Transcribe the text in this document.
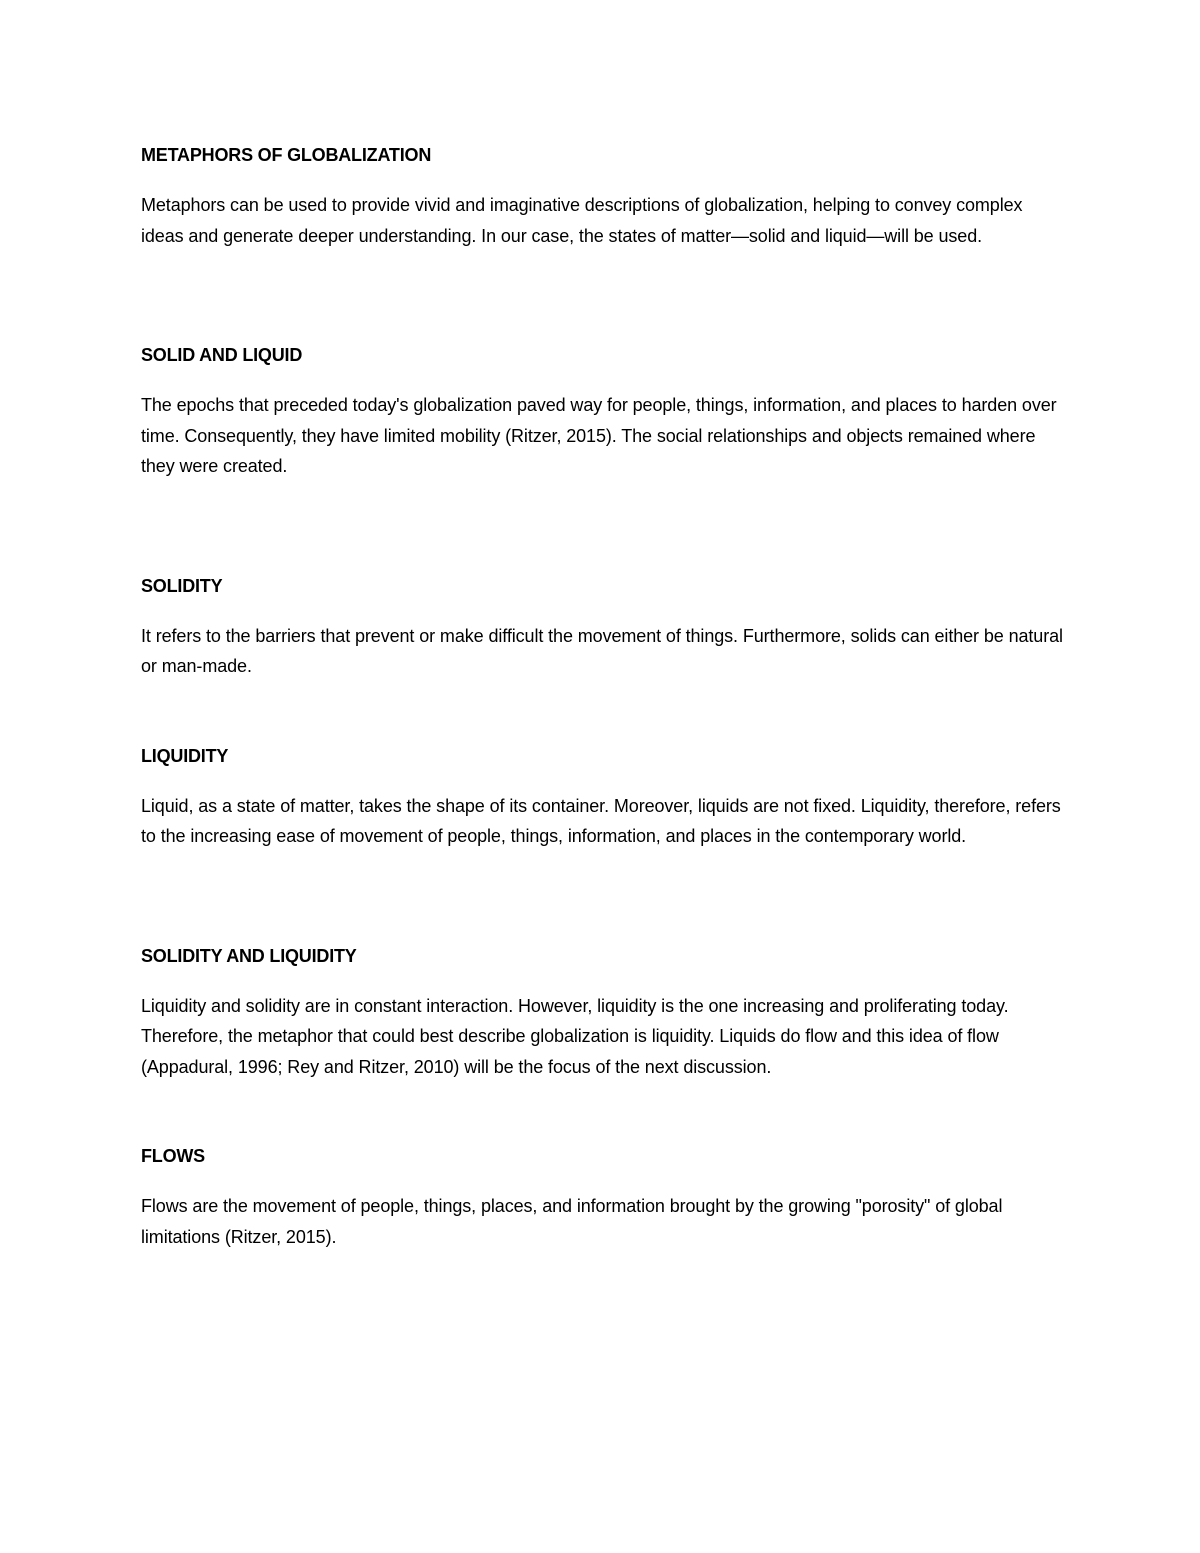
METAPHORS OF GLOBALIZATION

Metaphors can be used to provide vivid and imaginative descriptions of globalization, helping to convey complex ideas and generate deeper understanding. In our case, the states of matter—solid and liquid—will be used.

SOLID AND LIQUID

The epochs that preceded today's globalization paved way for people, things, information, and places to harden over time. Consequently, they have limited mobility (Ritzer, 2015). The social relationships and objects remained where they were created.

SOLIDITY

It refers to the barriers that prevent or make difficult the movement of things. Furthermore, solids can either be natural or man-made.

LIQUIDITY

Liquid, as a state of matter, takes the shape of its container. Moreover, liquids are not fixed. Liquidity, therefore, refers to the increasing ease of movement of people, things, information, and places in the contemporary world.

SOLIDITY AND LIQUIDITY

Liquidity and solidity are in constant interaction. However, liquidity is the one increasing and proliferating today. Therefore, the metaphor that could best describe globalization is liquidity. Liquids do flow and this idea of flow (Appadural, 1996; Rey and Ritzer, 2010) will be the focus of the next discussion.

FLOWS

Flows are the movement of people, things, places, and information brought by the growing "porosity" of global limitations (Ritzer, 2015).
